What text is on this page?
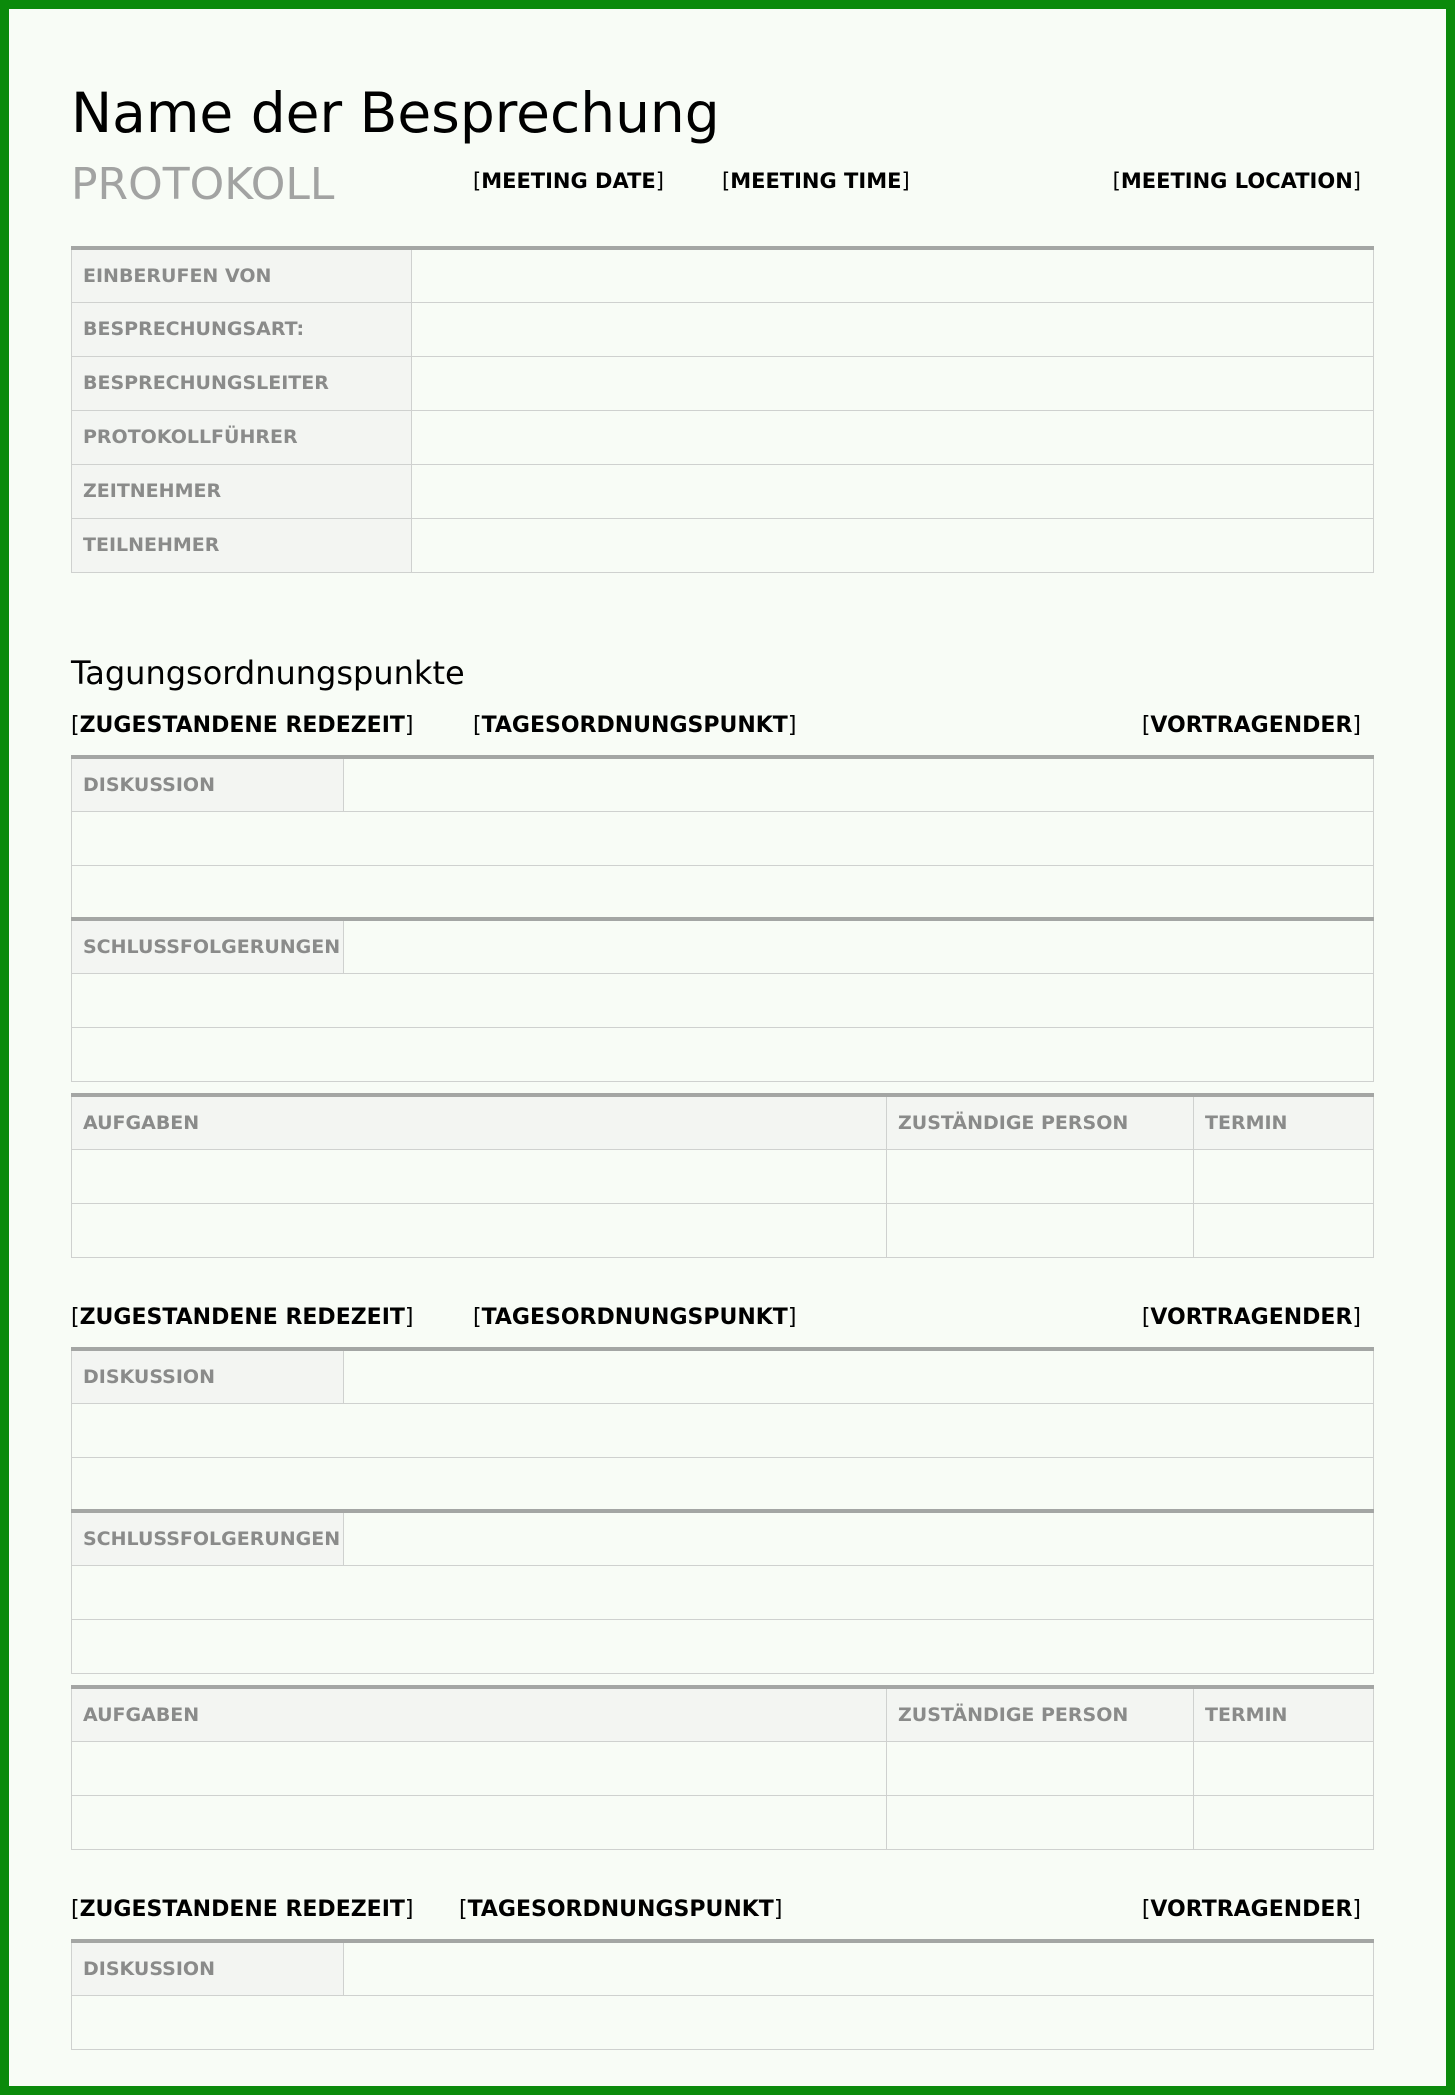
Name der Besprechung
PROTOKOLL	[MEETING DATE]	[MEETING TIME]	[MEETING LOCATION]
EINBERUFEN VON	
BESPRECHUNGSART:	
BESPRECHUNGSLEITER	
PROTOKOLLFÜHRER	
ZEITNEHMER	
TEILNEHMER	
Tagungsordnungspunkte
[ZUGESTANDENE REDEZEIT]	[TAGESORDNUNGSPUNKT]	[VORTRAGENDER]
DISKUSSION	

SCHLUSSFOLGERUNGEN	

AUFGABEN	ZUSTÄNDIGE PERSON	TERMIN

[ZUGESTANDENE REDEZEIT]	[TAGESORDNUNGSPUNKT]	[VORTRAGENDER]
DISKUSSION	

SCHLUSSFOLGERUNGEN	

AUFGABEN	ZUSTÄNDIGE PERSON	TERMIN

[ZUGESTANDENE REDEZEIT] [TAGESORDNUNGSPUNKT]	[VORTRAGENDER]
DISKUSSION	
